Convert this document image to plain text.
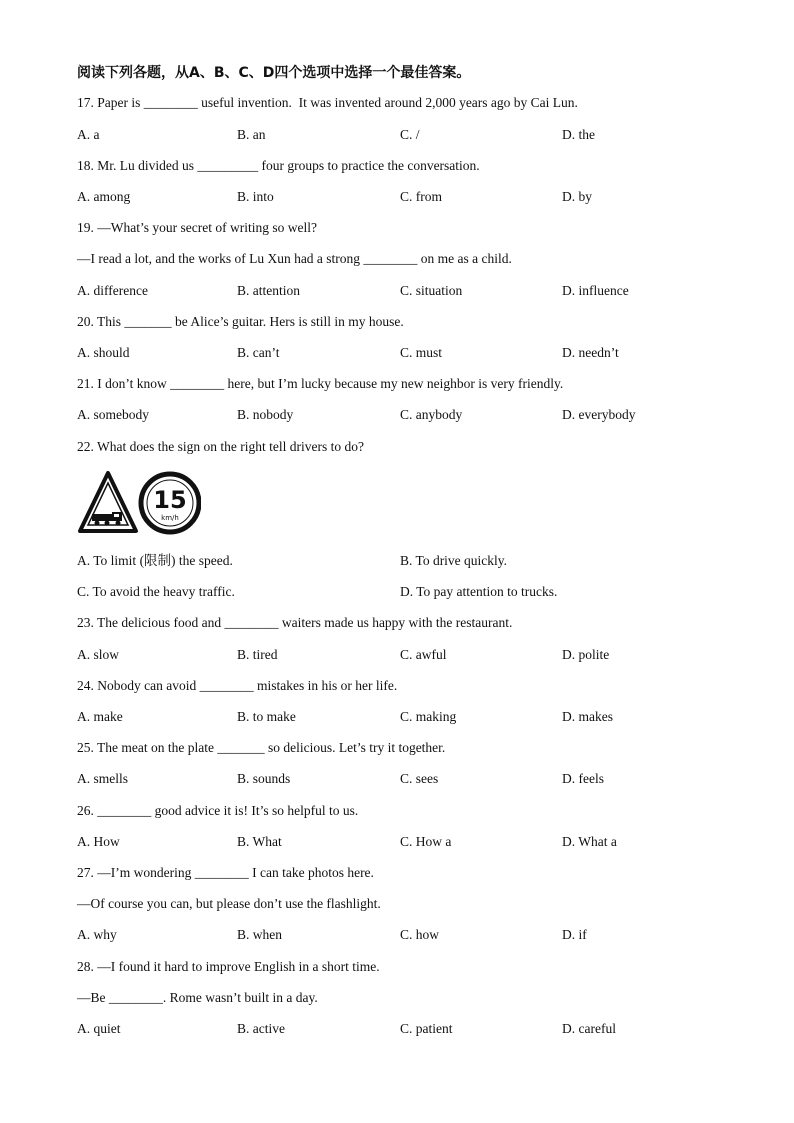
阅读下列各题，从A、B、C、D四个选项中选择一个最佳答案。
17. Paper is ________ useful invention.  It was invented around 2,000 years ago by Cai Lun.
A. a	B. an	C. /	D. the
18. Mr. Lu divided us _________ four groups to practice the conversation.
A. among	B. into	C. from	D. by
19. —What’s your secret of writing so well?
—I read a lot, and the works of Lu Xun had a strong ________ on me as a child.
A. difference	B. attention	C. situation	D. influence
20. This _______ be Alice’s guitar. Hers is still in my house.
A. should	B. can’t	C. must	D. needn’t
21. I don’t know ________ here, but I’m lucky because my new neighbor is very friendly.
A. somebody	B. nobody	C. anybody	D. everybody
22. What does the sign on the right tell drivers to do?
15
km/h
A. To limit (限制) the speed.	B. To drive quickly.
C. To avoid the heavy traffic.	D. To pay attention to trucks.
23. The delicious food and ________ waiters made us happy with the restaurant.
A. slow	B. tired	C. awful	D. polite
24. Nobody can avoid ________ mistakes in his or her life.
A. make	B. to make	C. making	D. makes
25. The meat on the plate _______ so delicious. Let’s try it together.
A. smells	B. sounds	C. sees	D. feels
26. ________ good advice it is! It’s so helpful to us.
A. How	B. What	C. How a	D. What a
27. —I’m wondering ________ I can take photos here.
—Of course you can, but please don’t use the flashlight.
A. why	B. when	C. how	D. if
28. —I found it hard to improve English in a short time.
—Be ________. Rome wasn’t built in a day.
A. quiet	B. active	C. patient	D. careful
